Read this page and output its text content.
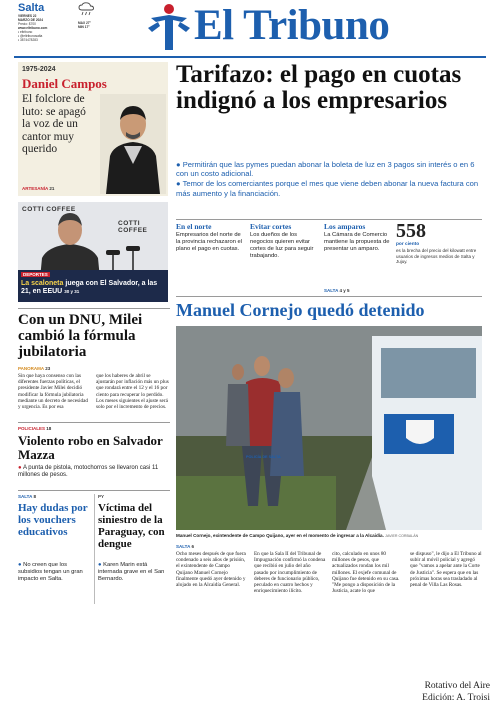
Salta
VIERNES 22
MARZO DE 2024
Precio: $700
www.eltribuno.com
▪ eltribuno
▪ @eltribunosalta
▪ 3874478283
MAX 27°
MIN 17°	El Tribuno
1975-2024
Daniel Campos
El folclore de luto: se apagó la voz de un cantor muy querido
ARTESANÍA 21
COTTI COFFEE
COTTI COFFEE
DEPORTES
La scaloneta juega con El Salvador, a las 21, en EEUU 30 y 31
Tarifazo: el pago en cuotas indignó a los empresarios
● Permitirán que las pymes puedan abonar la boleta de luz en 3 pagos sin interés o en 6 con un costo adicional.
● Temor de los comerciantes porque el mes que viene deben abonar la nueva factura con más aumento y la financiación.
En el norte
Empresarios del norte de la provincia rechazaron el plano el pago en cuotas.
Evitar cortes
Los dueños de los negocios quieren evitar cortes de luz para seguir trabajando.
Los amparos
La Cámara de Comercio mantiene la propuesta de presentar un amparo.
558
por ciento
es la brecha del precio del kilowatt entre usuarios de ingresos medios de Salta y Jujuy.
SALTA 4 y 5
Manuel Cornejo quedó detenido
POLICÍA DE SALTA
Manuel Cornejo, exintendente de Campo Quijano, ayer en el momento de ingresar a la Alcaidía. JAVIER CORBALÁN
SALTA 6
Ocho meses después de que fuera condenado a seis años de prisión, el exintendente de Campo Quijano Manuel Cornejo finalmente quedó ayer detenido y alojado en la Alcaidía General.
En que la Sala II del Tribunal de Impugnación confirmó la condena que recibió en julio del año pasado por incumplimiento de deberes de funcionario público, peculado en cuatro hechos y enriquecimiento ilícito.
cito, calculado en unos 80 millones de pesos, que actualizados rondan los mil millones. El exjefe comunal de Quijano fue detenido en su casa. "Me pongo a disposición de la Justicia, acate lo que
se dispuso", le dijo a El Tribuno al subir al móvil policial y agregó que "vamos a apelar ante la Corte de Justicia". Se espera que en las próximas horas sea trasladado al penal de Villa Las Rosas.
Con un DNU, Milei cambió la fórmula jubilatoria
PANORAMA 23
Sin que haya consenso con las diferentes fuerzas políticas, el presidente Javier Milei decidió modificar la fórmula jubilatoria mediante un decreto de necesidad y urgencia. Es por esa
que los haberes de abril se ajustarán por inflación más un plus que rondará entre el 12 y el 16 por ciento para recuperar lo perdido. Los meses siguientes el ajuste será solo por el incremento de precios.
POLICIALES 18
Violento robo en Salvador Mazza
● A punta de pistola, motochorros se llevaron casi 11 millones de pesos.
SALTA 8
Hay dudas por los vouchers educativos
● No creen que los subsidios tengan un gran impacto en Salta.
PY
Víctima del siniestro de la Paraguay, con dengue
● Karen Marin está internada grave en el San Bernardo.
Rotativo del Aire
Edición: A. Troisi
